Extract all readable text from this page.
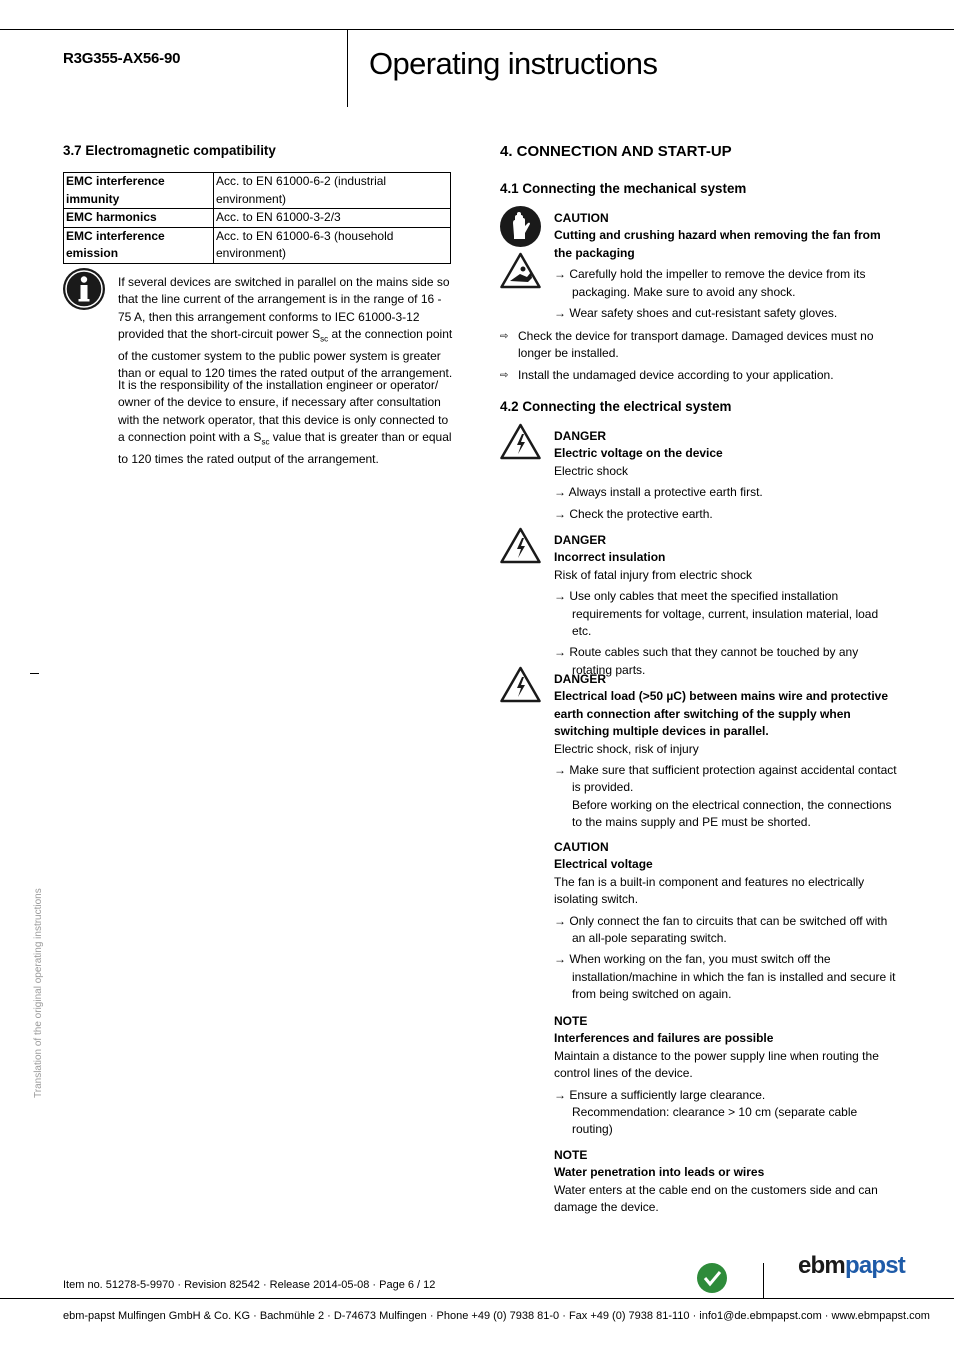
R3G355-AX56-90	Operating instructions
3.7 Electromagnetic compatibility
EMC interference immunity	Acc. to EN 61000-6-2 (industrial environment)
EMC harmonics	Acc. to EN 61000-3-2/3
EMC interference emission	Acc. to EN 61000-6-3 (household environment)
If several devices are switched in parallel on the mains side so that the line current of the arrangement is in the range of 16 - 75 A, then this arrangement conforms to IEC 61000-3-12 provided that the short-circuit power $S_{sc}$ at the connection point of the customer system to the public power system is greater than or equal to 120 times the rated output of the arrangement.
It is the responsibility of the installation engineer or operator/ owner of the device to ensure, if necessary after consultation with the network operator, that this device is only connected to a connection point with a $S_{sc}$ value that is greater than or equal to 120 times the rated output of the arrangement.
Translation of the original operating instructions
4. CONNECTION AND START-UP
4.1 Connecting the mechanical system
CAUTION
Cutting and crushing hazard when removing the fan from the packaging
→ Carefully hold the impeller to remove the device from its packaging. Make sure to avoid any shock.
→ Wear safety shoes and cut-resistant safety gloves.
⇨ Check the device for transport damage. Damaged devices must no longer be installed.
⇨ Install the undamaged device according to your application.
4.2 Connecting the electrical system
DANGER
Electric voltage on the device
Electric shock
→ Always install a protective earth first.
→ Check the protective earth.
DANGER
Incorrect insulation
Risk of fatal injury from electric shock
→ Use only cables that meet the specified installation requirements for voltage, current, insulation material, load etc.
→ Route cables such that they cannot be touched by any rotating parts.
DANGER
Electrical load (>50 µC) between mains wire and protective earth connection after switching of the supply when switching multiple devices in parallel.
Electric shock, risk of injury
→ Make sure that sufficient protection against accidental contact is provided.
Before working on the electrical connection, the connections to the mains supply and PE must be shorted.
CAUTION
Electrical voltage
The fan is a built-in component and features no electrically isolating switch.
→ Only connect the fan to circuits that can be switched off with an all-pole separating switch.
→ When working on the fan, you must switch off the installation/machine in which the fan is installed and secure it from being switched on again.
NOTE
Interferences and failures are possible
Maintain a distance to the power supply line when routing the control lines of the device.
→ Ensure a sufficiently large clearance.
Recommendation: clearance > 10 cm (separate cable routing)
NOTE
Water penetration into leads or wires
Water enters at the cable end on the customers side and can damage the device.
Item no. 51278-5-9970 · Revision 82542 · Release 2014-05-08 · Page 6 / 12
ebmpapst
ebm-papst Mulfingen GmbH & Co. KG · Bachmühle 2 · D-74673 Mulfingen · Phone +49 (0) 7938 81-0 · Fax +49 (0) 7938 81-110 · info1@de.ebmpapst.com · www.ebmpapst.com
